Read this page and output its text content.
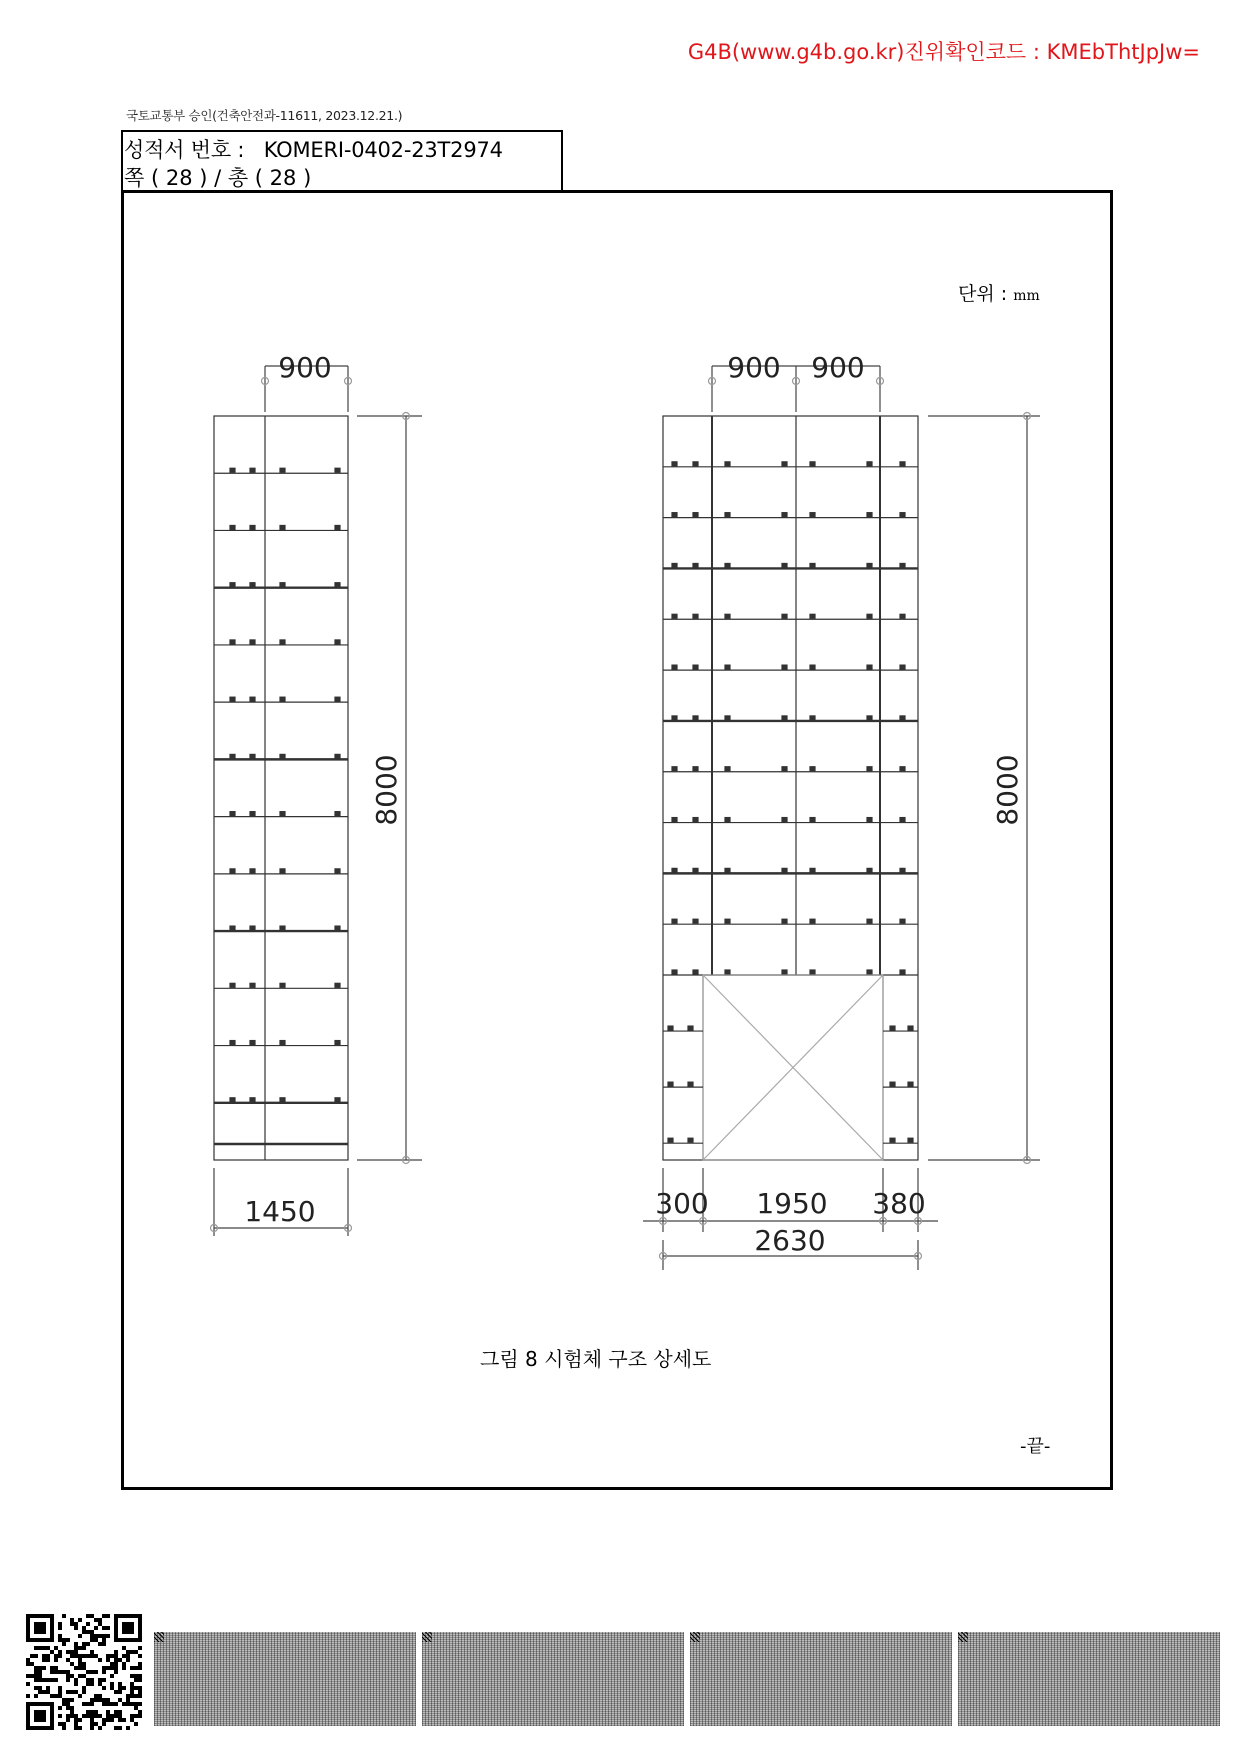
G4B(www.g4b.go.kr)진위확인코드 : KMEbThtJpJw=
국토교통부 승인(건축안전과-11611, 2023.12.21.)
성적서 번호 : KOMERI-0402-23T2974
쪽 ( 28 ) / 총 ( 28 )
단위 : mm
900
8000
1450
900 900
8000
300 1950 380
2630
그림 8 시험체 구조 상세도
-끝-
